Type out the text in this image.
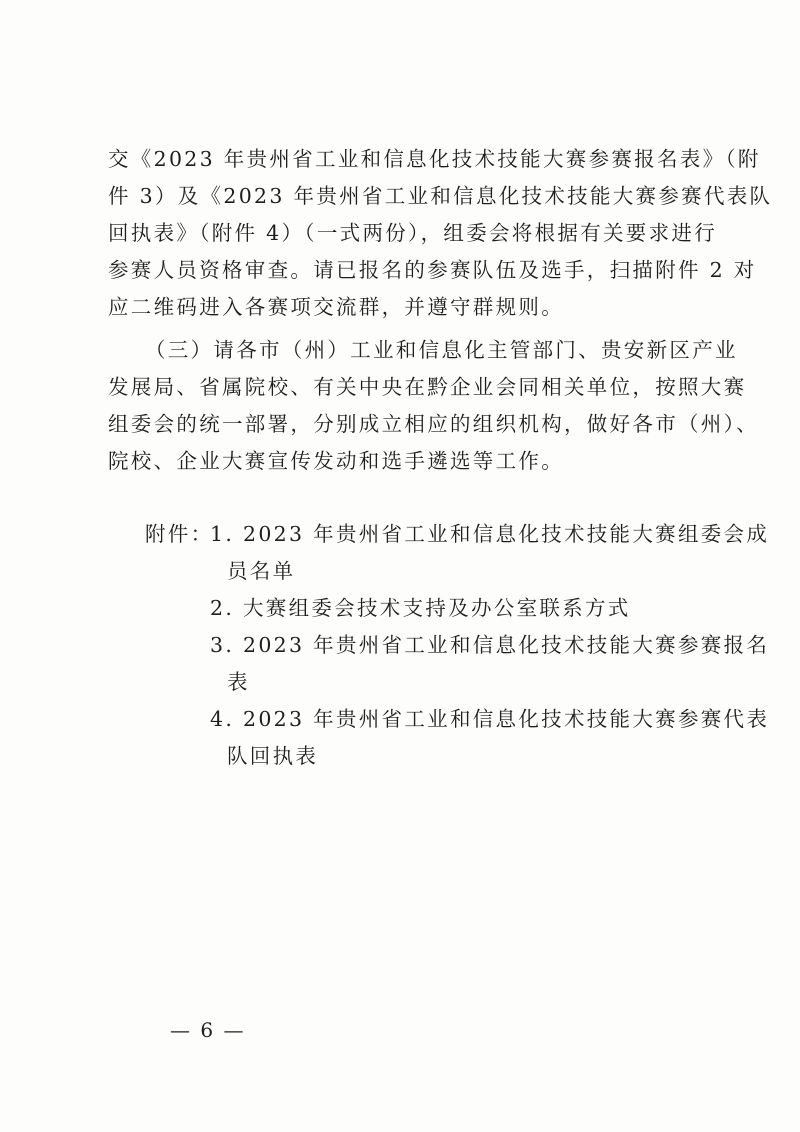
交《2023 年贵州省工业和信息化技术技能大赛参赛报名表》（附
件 3）及《2023 年贵州省工业和信息化技术技能大赛参赛代表队
回执表》（附件 4）（一式两份），组委会将根据有关要求进行
参赛人员资格审查。请已报名的参赛队伍及选手，扫描附件 2 对
应二维码进入各赛项交流群，并遵守群规则。
（三）请各市（州）工业和信息化主管部门、贵安新区产业
发展局、省属院校、有关中央在黔企业会同相关单位，按照大赛
组委会的统一部署，分别成立相应的组织机构，做好各市（州）、
院校、企业大赛宣传发动和选手遴选等工作。
附件：
1. 2023 年贵州省工业和信息化技术技能大赛组委会成
员名单
2. 大赛组委会技术支持及办公室联系方式
3. 2023 年贵州省工业和信息化技术技能大赛参赛报名
表
4. 2023 年贵州省工业和信息化技术技能大赛参赛代表
队回执表
— 6 —
